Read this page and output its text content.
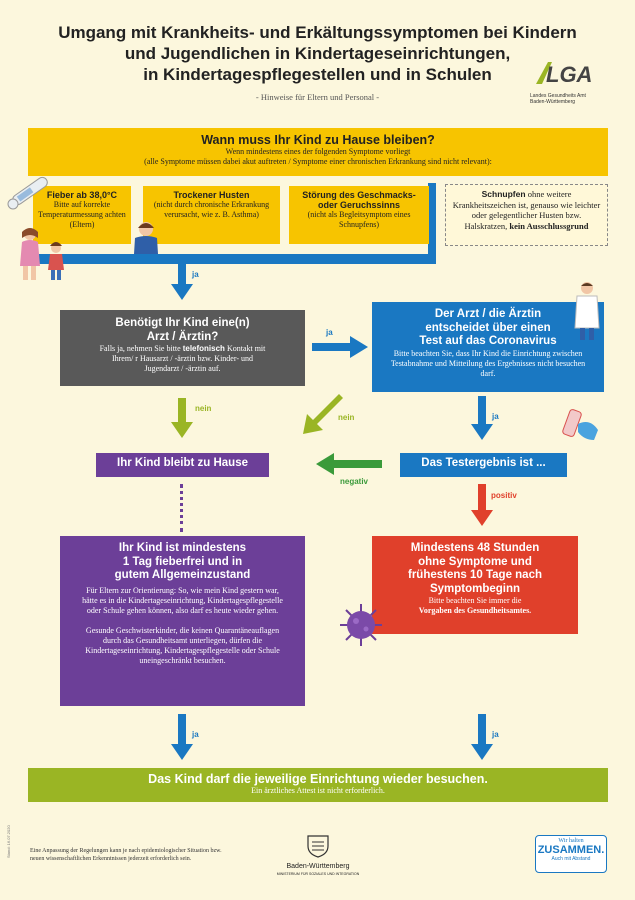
Umgang mit Krankheits- und Erkältungssymptomen bei Kindern
und Jugendlichen in Kindertageseinrichtungen,
in Kindertagespflegestellen und in Schulen
- Hinweise für Eltern und Personal -
LGA
Landes Gesundheits Amt
Baden-Württemberg
Wann muss Ihr Kind zu Hause bleiben?
Wenn mindestens eines der folgenden Symptome vorliegt
(alle Symptome müssen dabei akut auftreten / Symptome einer chronischen Erkrankung sind nicht relevant):
Fieber ab 38,0°C
Bitte auf korrekte Temperaturmessung achten (Eltern)
Trockener Husten
(nicht durch chronische Erkrankung verursacht, wie z. B. Asthma)
Störung des Geschmacks- oder Geruchssinns
(nicht als Begleitsymptom eines Schnupfens)
Schnupfen ohne weitere Krankheitszeichen ist, genauso wie leichter oder gelegentlicher Husten bzw. Halskratzen, kein Ausschlussgrund
ja
Benötigt Ihr Kind eine(n)
Arzt / Ärztin?
Falls ja, nehmen Sie bitte telefonisch Kontakt mit Ihrem/ r Hausarzt / -ärztin bzw. Kinder- und Jugendarzt / -ärztin auf.
ja
Der Arzt / die Ärztin
entscheidet über einen
Test auf das Coronavirus
Bitte beachten Sie, dass Ihr Kind die Einrichtung zwischen Testabnahme und Mitteilung des Ergebnisses nicht besuchen darf.
nein
nein	ja
Ihr Kind bleibt zu Hause
negativ
Das Testergebnis ist ...
positiv
Ihr Kind ist mindestens
1 Tag fieberfrei und in
gutem Allgemeinzustand
Für Eltern zur Orientierung: So, wie mein Kind gestern war, hätte es in die Kindertageseinrichtung, Kindertagespflegestelle oder Schule gehen können, also darf es heute wieder gehen.
Gesunde Geschwisterkinder, die keinen Quarantäneauflagen durch das Gesundheitsamt unterliegen, dürfen die Kindertageseinrichtung, Kindertagespflegestelle oder Schule uneingeschränkt besuchen.
Mindestens 48 Stunden
ohne Symptome und
frühestens 10 Tage nach
Symptombeginn
Bitte beachten Sie immer die
Vorgaben des Gesundheitsamtes.
ja	ja
Das Kind darf die jeweilige Einrichtung wieder besuchen.
Ein ärztliches Attest ist nicht erforderlich.
Eine Anpassung der Regelungen kann je nach epidemiologischer Situation bzw. neuen wissenschaftlichen Erkenntnissen jederzeit erforderlich sein.
Stand: 16.07.2020
Baden-Württemberg
MINISTERIUM FÜR SOZIALES UND INTEGRATION
Wir halten
ZUSAMMEN.
Auch mit Abstand
